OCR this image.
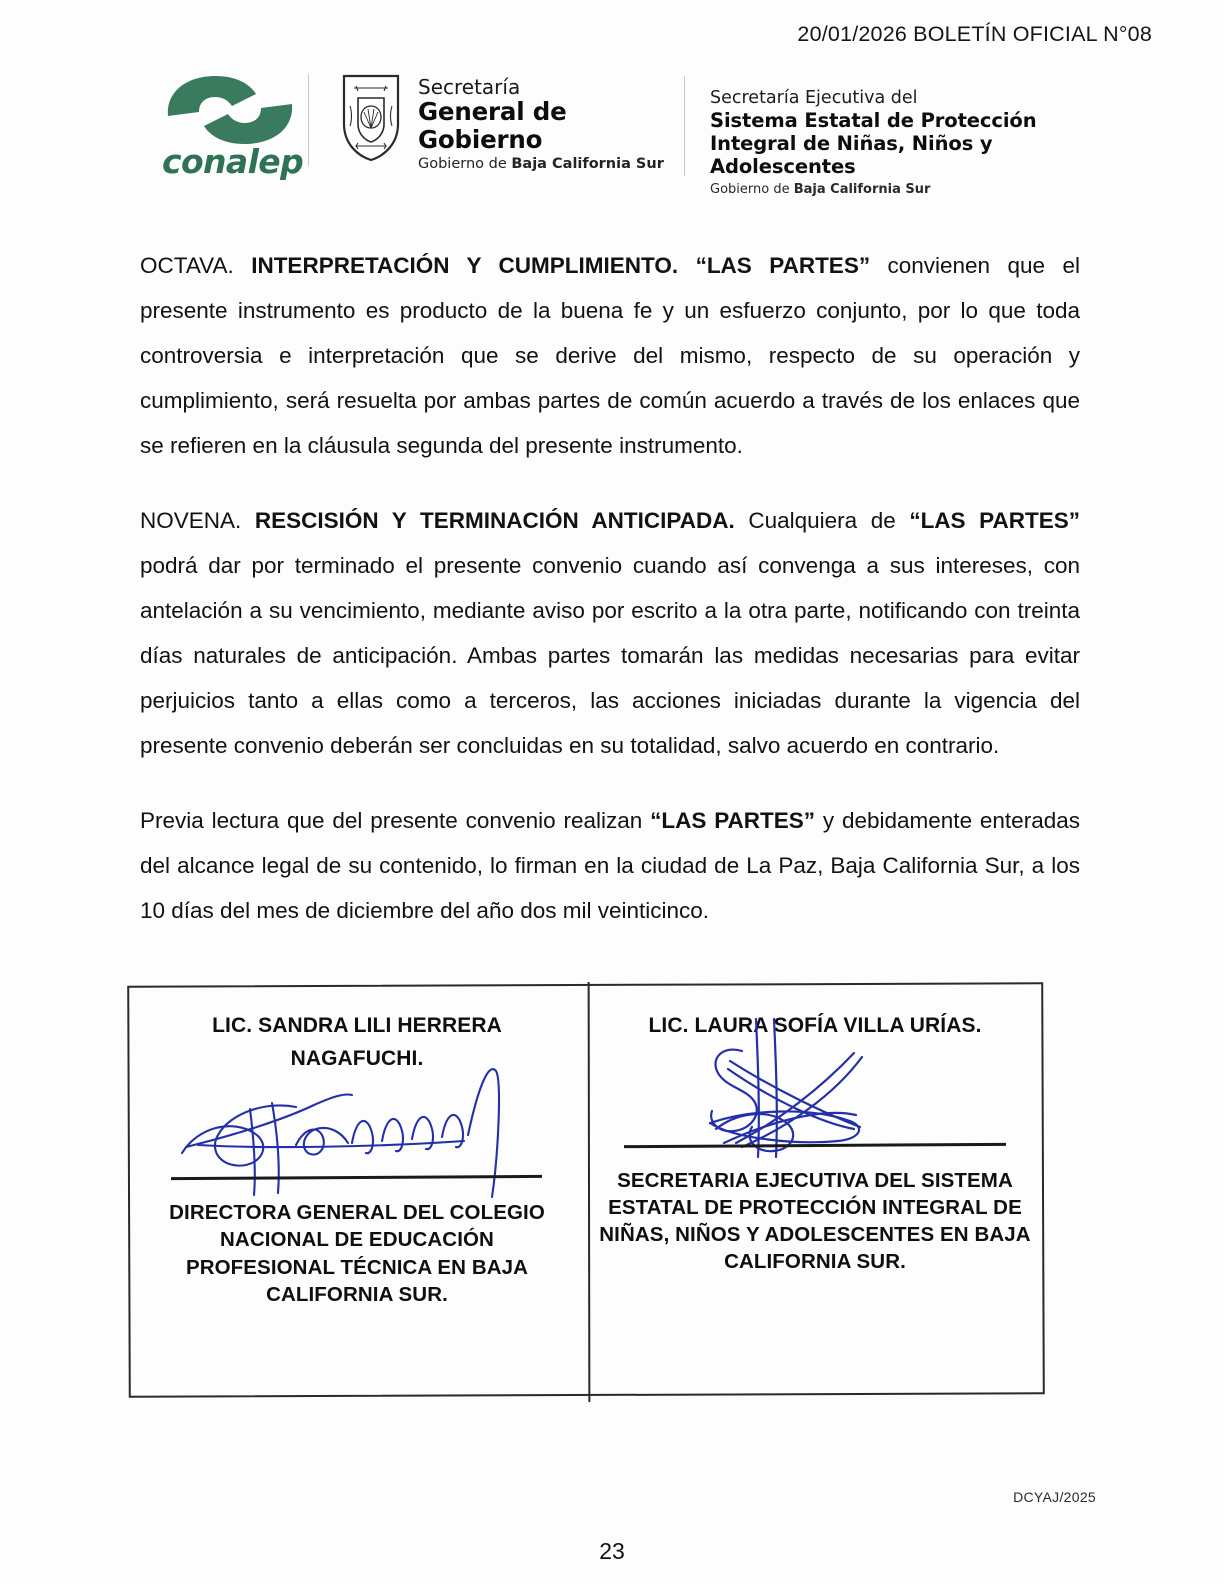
20/01/2026 BOLETÍN OFICIAL N°08
conalep
Secretaría
General de Gobierno
Gobierno de Baja California Sur
Secretaría Ejecutiva del
Sistema Estatal de Protección
Integral de Niñas, Niños y
Adolescentes
Gobierno de Baja California Sur

OCTAVA. INTERPRETACIÓN Y CUMPLIMIENTO. “LAS PARTES” convienen que el presente instrumento es producto de la buena fe y un esfuerzo conjunto, por lo que toda controversia e interpretación que se derive del mismo, respecto de su operación y cumplimiento, será resuelta por ambas partes de común acuerdo a través de los enlaces que se refieren en la cláusula segunda del presente instrumento.

NOVENA. RESCISIÓN Y TERMINACIÓN ANTICIPADA. Cualquiera de “LAS PARTES” podrá dar por terminado el presente convenio cuando así convenga a sus intereses, con antelación a su vencimiento, mediante aviso por escrito a la otra parte, notificando con treinta días naturales de anticipación. Ambas partes tomarán las medidas necesarias para evitar perjuicios tanto a ellas como a terceros, las acciones iniciadas durante la vigencia del presente convenio deberán ser concluidas en su totalidad, salvo acuerdo en contrario.

Previa lectura que del presente convenio realizan “LAS PARTES” y debidamente enteradas del alcance legal de su contenido, lo firman en la ciudad de La Paz, Baja California Sur, a los 10 días del mes de diciembre del año dos mil veinticinco.

LIC. SANDRA LILI HERRERA NAGAFUCHI.
DIRECTORA GENERAL DEL COLEGIO NACIONAL DE EDUCACIÓN PROFESIONAL TÉCNICA EN BAJA CALIFORNIA SUR.
LIC. LAURA SOFÍA VILLA URÍAS.
SECRETARIA EJECUTIVA DEL SISTEMA ESTATAL DE PROTECCIÓN INTEGRAL DE NIÑAS, NIÑOS Y ADOLESCENTES EN BAJA CALIFORNIA SUR.
DCYAJ/2025
23
